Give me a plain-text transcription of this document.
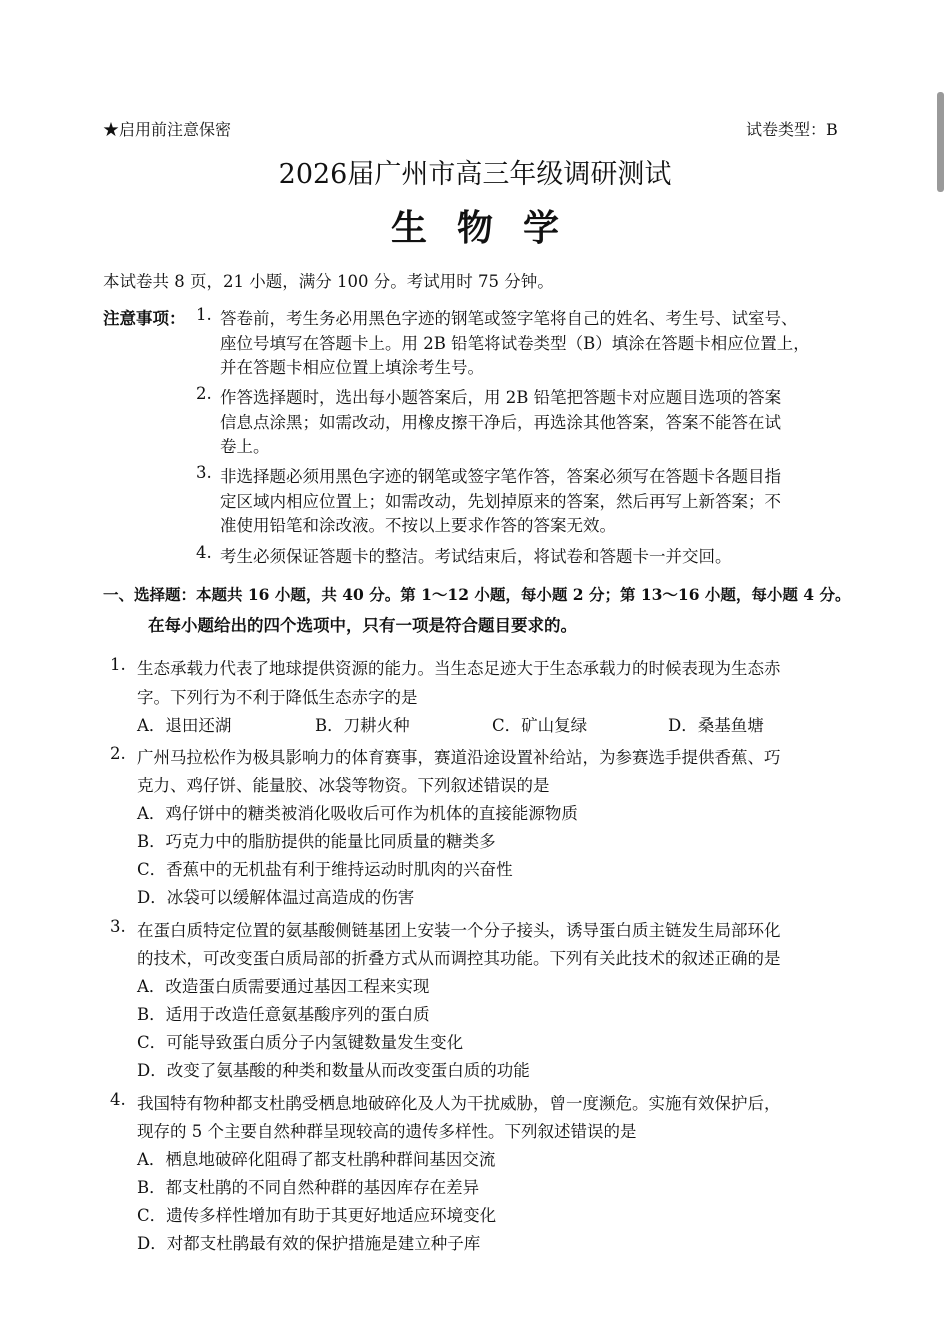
★启用前注意保密	试卷类型：B
2026届广州市高三年级调研测试
生物学
本试卷共 8 页，21 小题，满分 100 分。考试用时 75 分钟。
注意事项： 1. 答卷前，考生务必用黑色字迹的钢笔或签字笔将自己的姓名、考生号、试室号、
座位号填写在答题卡上。用 2B 铅笔将试卷类型（B）填涂在答题卡相应位置上，
并在答题卡相应位置上填涂考生号。
2. 作答选择题时，选出每小题答案后，用 2B 铅笔把答题卡对应题目选项的答案
信息点涂黑；如需改动，用橡皮擦干净后，再选涂其他答案，答案不能答在试
卷上。
3. 非选择题必须用黑色字迹的钢笔或签字笔作答，答案必须写在答题卡各题目指
定区域内相应位置上；如需改动，先划掉原来的答案，然后再写上新答案；不
准使用铅笔和涂改液。不按以上要求作答的答案无效。
4. 考生必须保证答题卡的整洁。考试结束后，将试卷和答题卡一并交回。
一、选择题：本题共 16 小题，共 40 分。第 1～12 小题，每小题 2 分；第 13～16 小题，每小题 4 分。
在每小题给出的四个选项中，只有一项是符合题目要求的。
1. 生态承载力代表了地球提供资源的能力。当生态足迹大于生态承载力的时候表现为生态赤
字。下列行为不利于降低生态赤字的是
A．退田还湖	B．刀耕火种	C．矿山复绿	D．桑基鱼塘
2. 广州马拉松作为极具影响力的体育赛事，赛道沿途设置补给站，为参赛选手提供香蕉、巧
克力、鸡仔饼、能量胶、冰袋等物资。下列叙述错误的是
A．鸡仔饼中的糖类被消化吸收后可作为机体的直接能源物质
B．巧克力中的脂肪提供的能量比同质量的糖类多
C．香蕉中的无机盐有利于维持运动时肌肉的兴奋性
D．冰袋可以缓解体温过高造成的伤害
3. 在蛋白质特定位置的氨基酸侧链基团上安装一个分子接头，诱导蛋白质主链发生局部环化
的技术，可改变蛋白质局部的折叠方式从而调控其功能。下列有关此技术的叙述正确的是
A．改造蛋白质需要通过基因工程来实现
B．适用于改造任意氨基酸序列的蛋白质
C．可能导致蛋白质分子内氢键数量发生变化
D．改变了氨基酸的种类和数量从而改变蛋白质的功能
4. 我国特有物种都支杜鹃受栖息地破碎化及人为干扰威胁，曾一度濒危。实施有效保护后，
现存的 5 个主要自然种群呈现较高的遗传多样性。下列叙述错误的是
A．栖息地破碎化阻碍了都支杜鹃种群间基因交流
B．都支杜鹃的不同自然种群的基因库存在差异
C．遗传多样性增加有助于其更好地适应环境变化
D．对都支杜鹃最有效的保护措施是建立种子库
